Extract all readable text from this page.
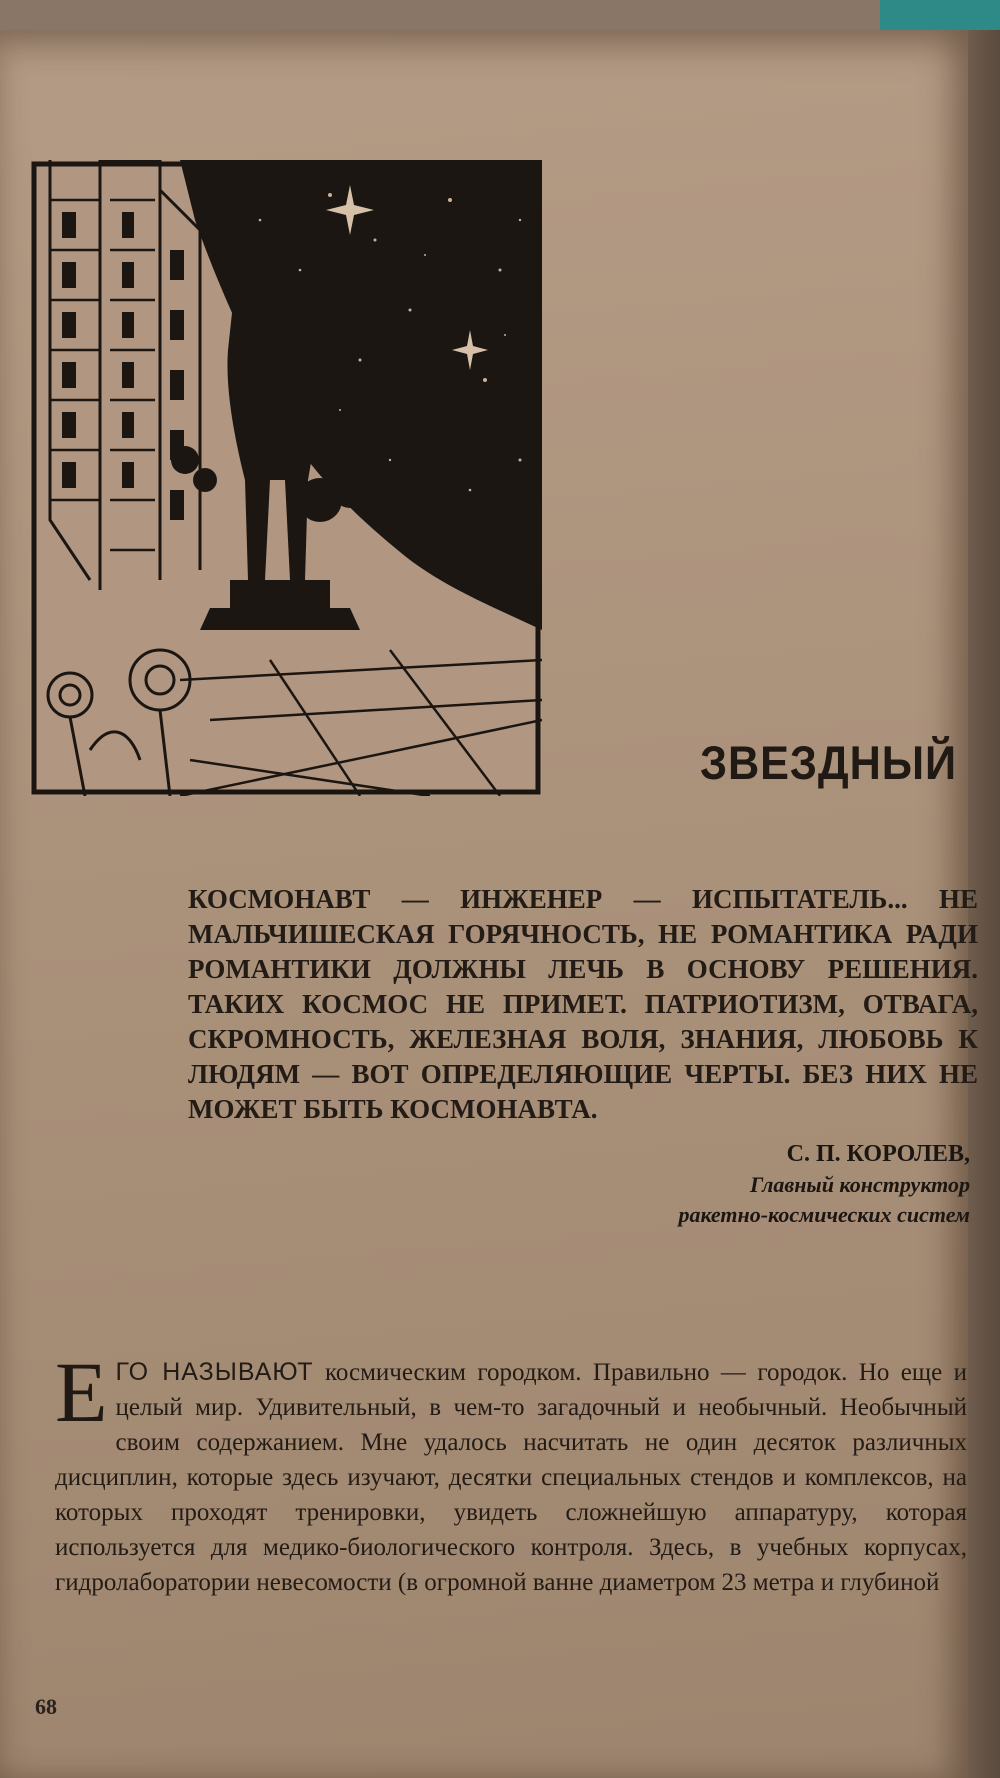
ЗВЕЗДНЫЙ
КОСМОНАВТ — ИНЖЕНЕР — ИСПЫТАТЕЛЬ... НЕ МАЛЬЧИШЕСКАЯ ГОРЯЧНОСТЬ, НЕ РОМАНТИКА РАДИ РОМАНТИКИ ДОЛЖНЫ ЛЕЧЬ В ОСНОВУ РЕШЕНИЯ. ТАКИХ КОСМОС НЕ ПРИМЕТ. ПАТРИОТИЗМ, ОТВАГА, СКРОМНОСТЬ, ЖЕЛЕЗНАЯ ВОЛЯ, ЗНАНИЯ, ЛЮБОВЬ К ЛЮДЯМ — ВОТ ОПРЕДЕЛЯЮЩИЕ ЧЕРТЫ. БЕЗ НИХ НЕ МОЖЕТ БЫТЬ КОСМОНАВТА.
С. П. КОРОЛЕВ,
Главный конструктор
ракетно-космических систем
ЕГО НАЗЫВАЮТ космическим городком. Правильно — городок. Но еще и целый мир. Удивительный, в чем-то загадочный и необычный. Необычный своим содержанием. Мне удалось насчитать не один десяток различных дисциплин, которые здесь изучают, десятки специальных стендов и комплексов, на которых проходят тренировки, увидеть сложнейшую аппаратуру, которая используется для медико-биологического контроля. Здесь, в учебных корпусах, гидролаборатории невесомости (в огромной ванне диаметром 23 метра и глубиной
68
